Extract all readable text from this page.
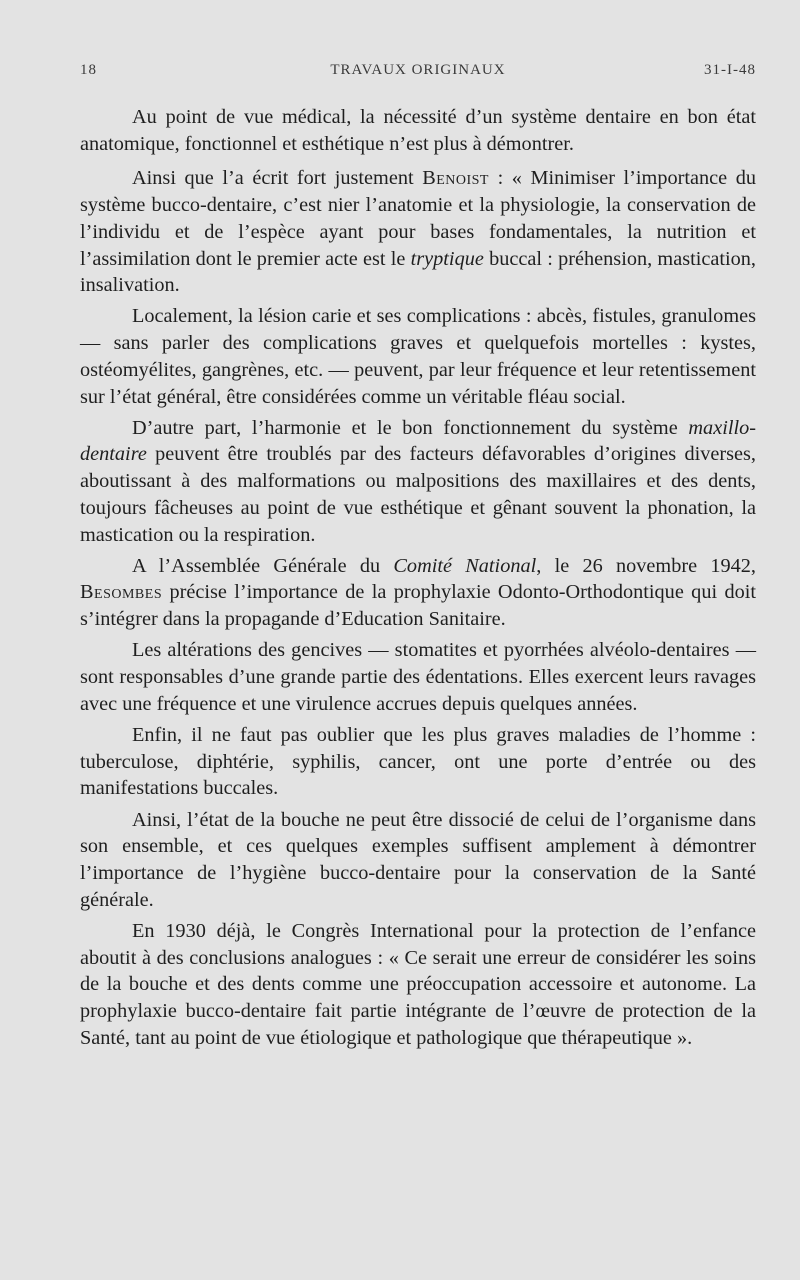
TRAVAUX ORIGINAUX
18	31-I-48

Au point de vue médical, la nécessité d’un système dentaire en bon état anatomique, fonctionnel et esthétique n’est plus à démontrer.

Ainsi que l’a écrit fort justement Benoist : « Minimiser l’importance du système bucco-dentaire, c’est nier l’anatomie et la physiologie, la conservation de l’individu et de l’espèce ayant pour bases fondamentales, la nutrition et l’assimilation dont le premier acte est le tryptique buccal : préhension, mastication, insalivation.

Localement, la lésion carie et ses complications : abcès, fistules, granulomes — sans parler des complications graves et quelquefois mortelles : kystes, ostéomyélites, gangrènes, etc. — peuvent, par leur fréquence et leur retentissement sur l’état général, être considérées comme un véritable fléau social.

D’autre part, l’harmonie et le bon fonctionnement du système maxillo-dentaire peuvent être troublés par des facteurs défavorables d’origines diverses, aboutissant à des malformations ou malpositions des maxillaires et des dents, toujours fâcheuses au point de vue esthétique et gênant souvent la phonation, la mastication ou la respiration.

A l’Assemblée Générale du Comité National, le 26 novembre 1942, Besombes précise l’importance de la prophylaxie Odonto-Orthodontique qui doit s’intégrer dans la propagande d’Education Sanitaire.

Les altérations des gencives — stomatites et pyorrhées alvéolo-dentaires — sont responsables d’une grande partie des édentations. Elles exercent leurs ravages avec une fréquence et une virulence accrues depuis quelques années.

Enfin, il ne faut pas oublier que les plus graves maladies de l’homme : tuberculose, diphtérie, syphilis, cancer, ont une porte d’entrée ou des manifestations buccales.

Ainsi, l’état de la bouche ne peut être dissocié de celui de l’organisme dans son ensemble, et ces quelques exemples suffisent amplement à démontrer l’importance de l’hygiène bucco-dentaire pour la conservation de la Santé générale.

En 1930 déjà, le Congrès International pour la protection de l’enfance aboutit à des conclusions analogues : « Ce serait une erreur de considérer les soins de la bouche et des dents comme une préoccupation accessoire et autonome. La prophylaxie bucco-dentaire fait partie intégrante de l’œuvre de protection de la Santé, tant au point de vue étiologique et pathologique que thérapeutique ».
